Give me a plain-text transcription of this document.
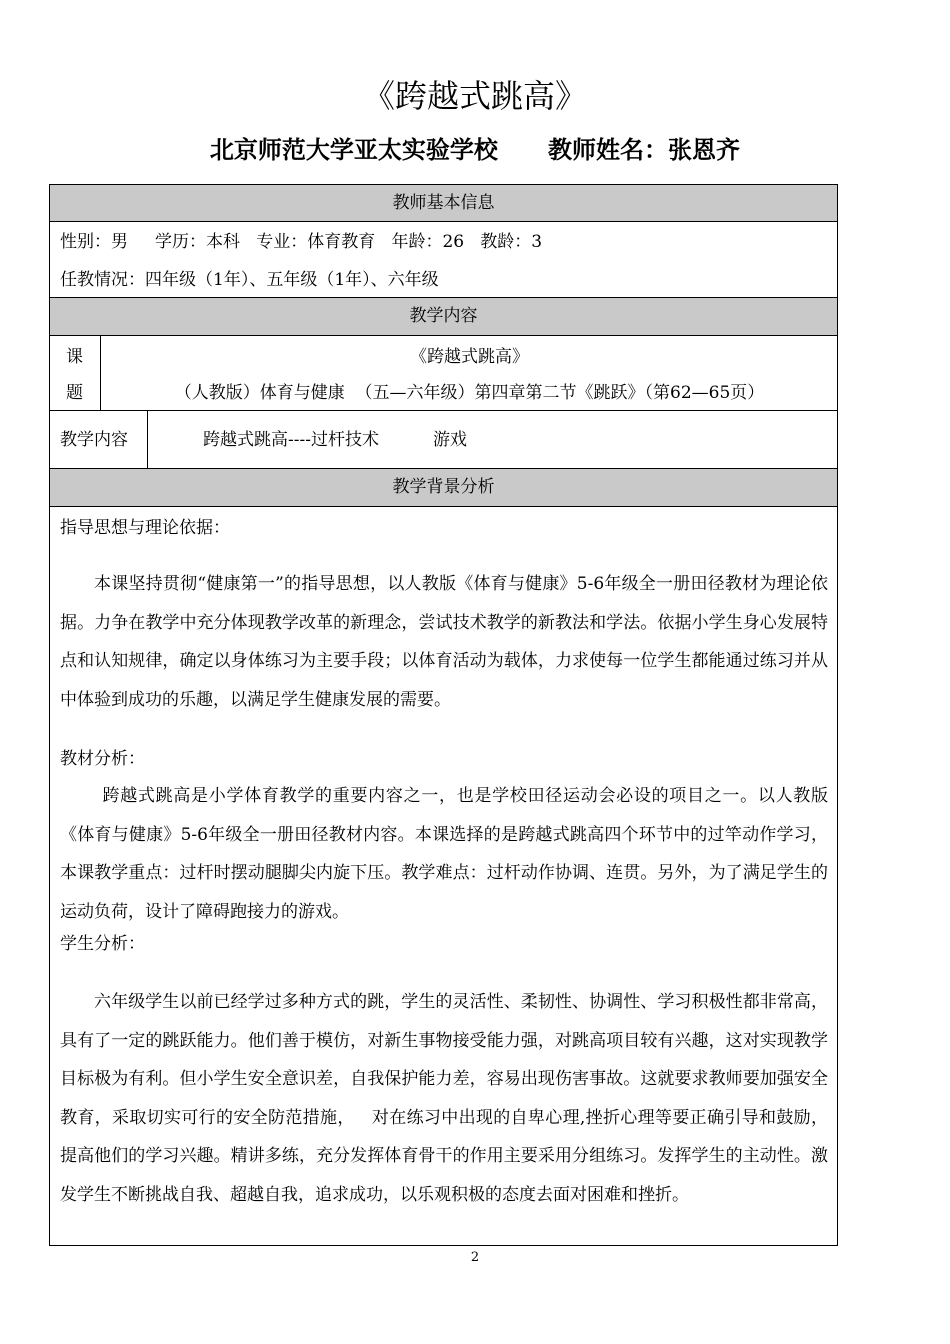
《跨越式跳高》
北京师范大学亚太实验学校      教师姓名：张恩齐
教师基本信息
性别：男     学历：本科   专业：体育教育   年龄：26   教龄：3
任教情况：四年级（1年）、五年级（1年）、六年级
教学内容
课
题
《跨越式跳高》
（人教版）体育与健康  （五—六年级）第四章第二节《跳跃》（第62—65页）
教学内容	跨越式跳高----过杆技术          游戏
教学背景分析
指导思想与理论依据：
本课坚持贯彻“健康第一”的指导思想，以人教版《体育与健康》5-6年级全一册田径教材为理论依据。力争在教学中充分体现教学改革的新理念，尝试技术教学的新教法和学法。依据小学生身心发展特点和认知规律，确定以身体练习为主要手段；以体育活动为载体，力求使每一位学生都能通过练习并从中体验到成功的乐趣，以满足学生健康发展的需要。
教材分析：
跨越式跳高是小学体育教学的重要内容之一，也是学校田径运动会必设的项目之一。以人教版《体育与健康》5-6年级全一册田径教材内容。本课选择的是跨越式跳高四个环节中的过竿动作学习，本课教学重点：过杆时摆动腿脚尖内旋下压。教学难点：过杆动作协调、连贯。另外，为了满足学生的运动负荷，设计了障碍跑接力的游戏。
学生分析：
六年级学生以前已经学过多种方式的跳，学生的灵活性、柔韧性、协调性、学习积极性都非常高，具有了一定的跳跃能力。他们善于模仿，对新生事物接受能力强，对跳高项目较有兴趣，这对实现教学目标极为有利。但小学生安全意识差，自我保护能力差，容易出现伤害事故。这就要求教师要加强安全教育，采取切实可行的安全防范措施，   对在练习中出现的自卑心理,挫折心理等要正确引导和鼓励，提高他们的学习兴趣。精讲多练，充分发挥体育骨干的作用主要采用分组练习。发挥学生的主动性。激发学生不断挑战自我、超越自我，追求成功，以乐观积极的态度去面对困难和挫折。
2
